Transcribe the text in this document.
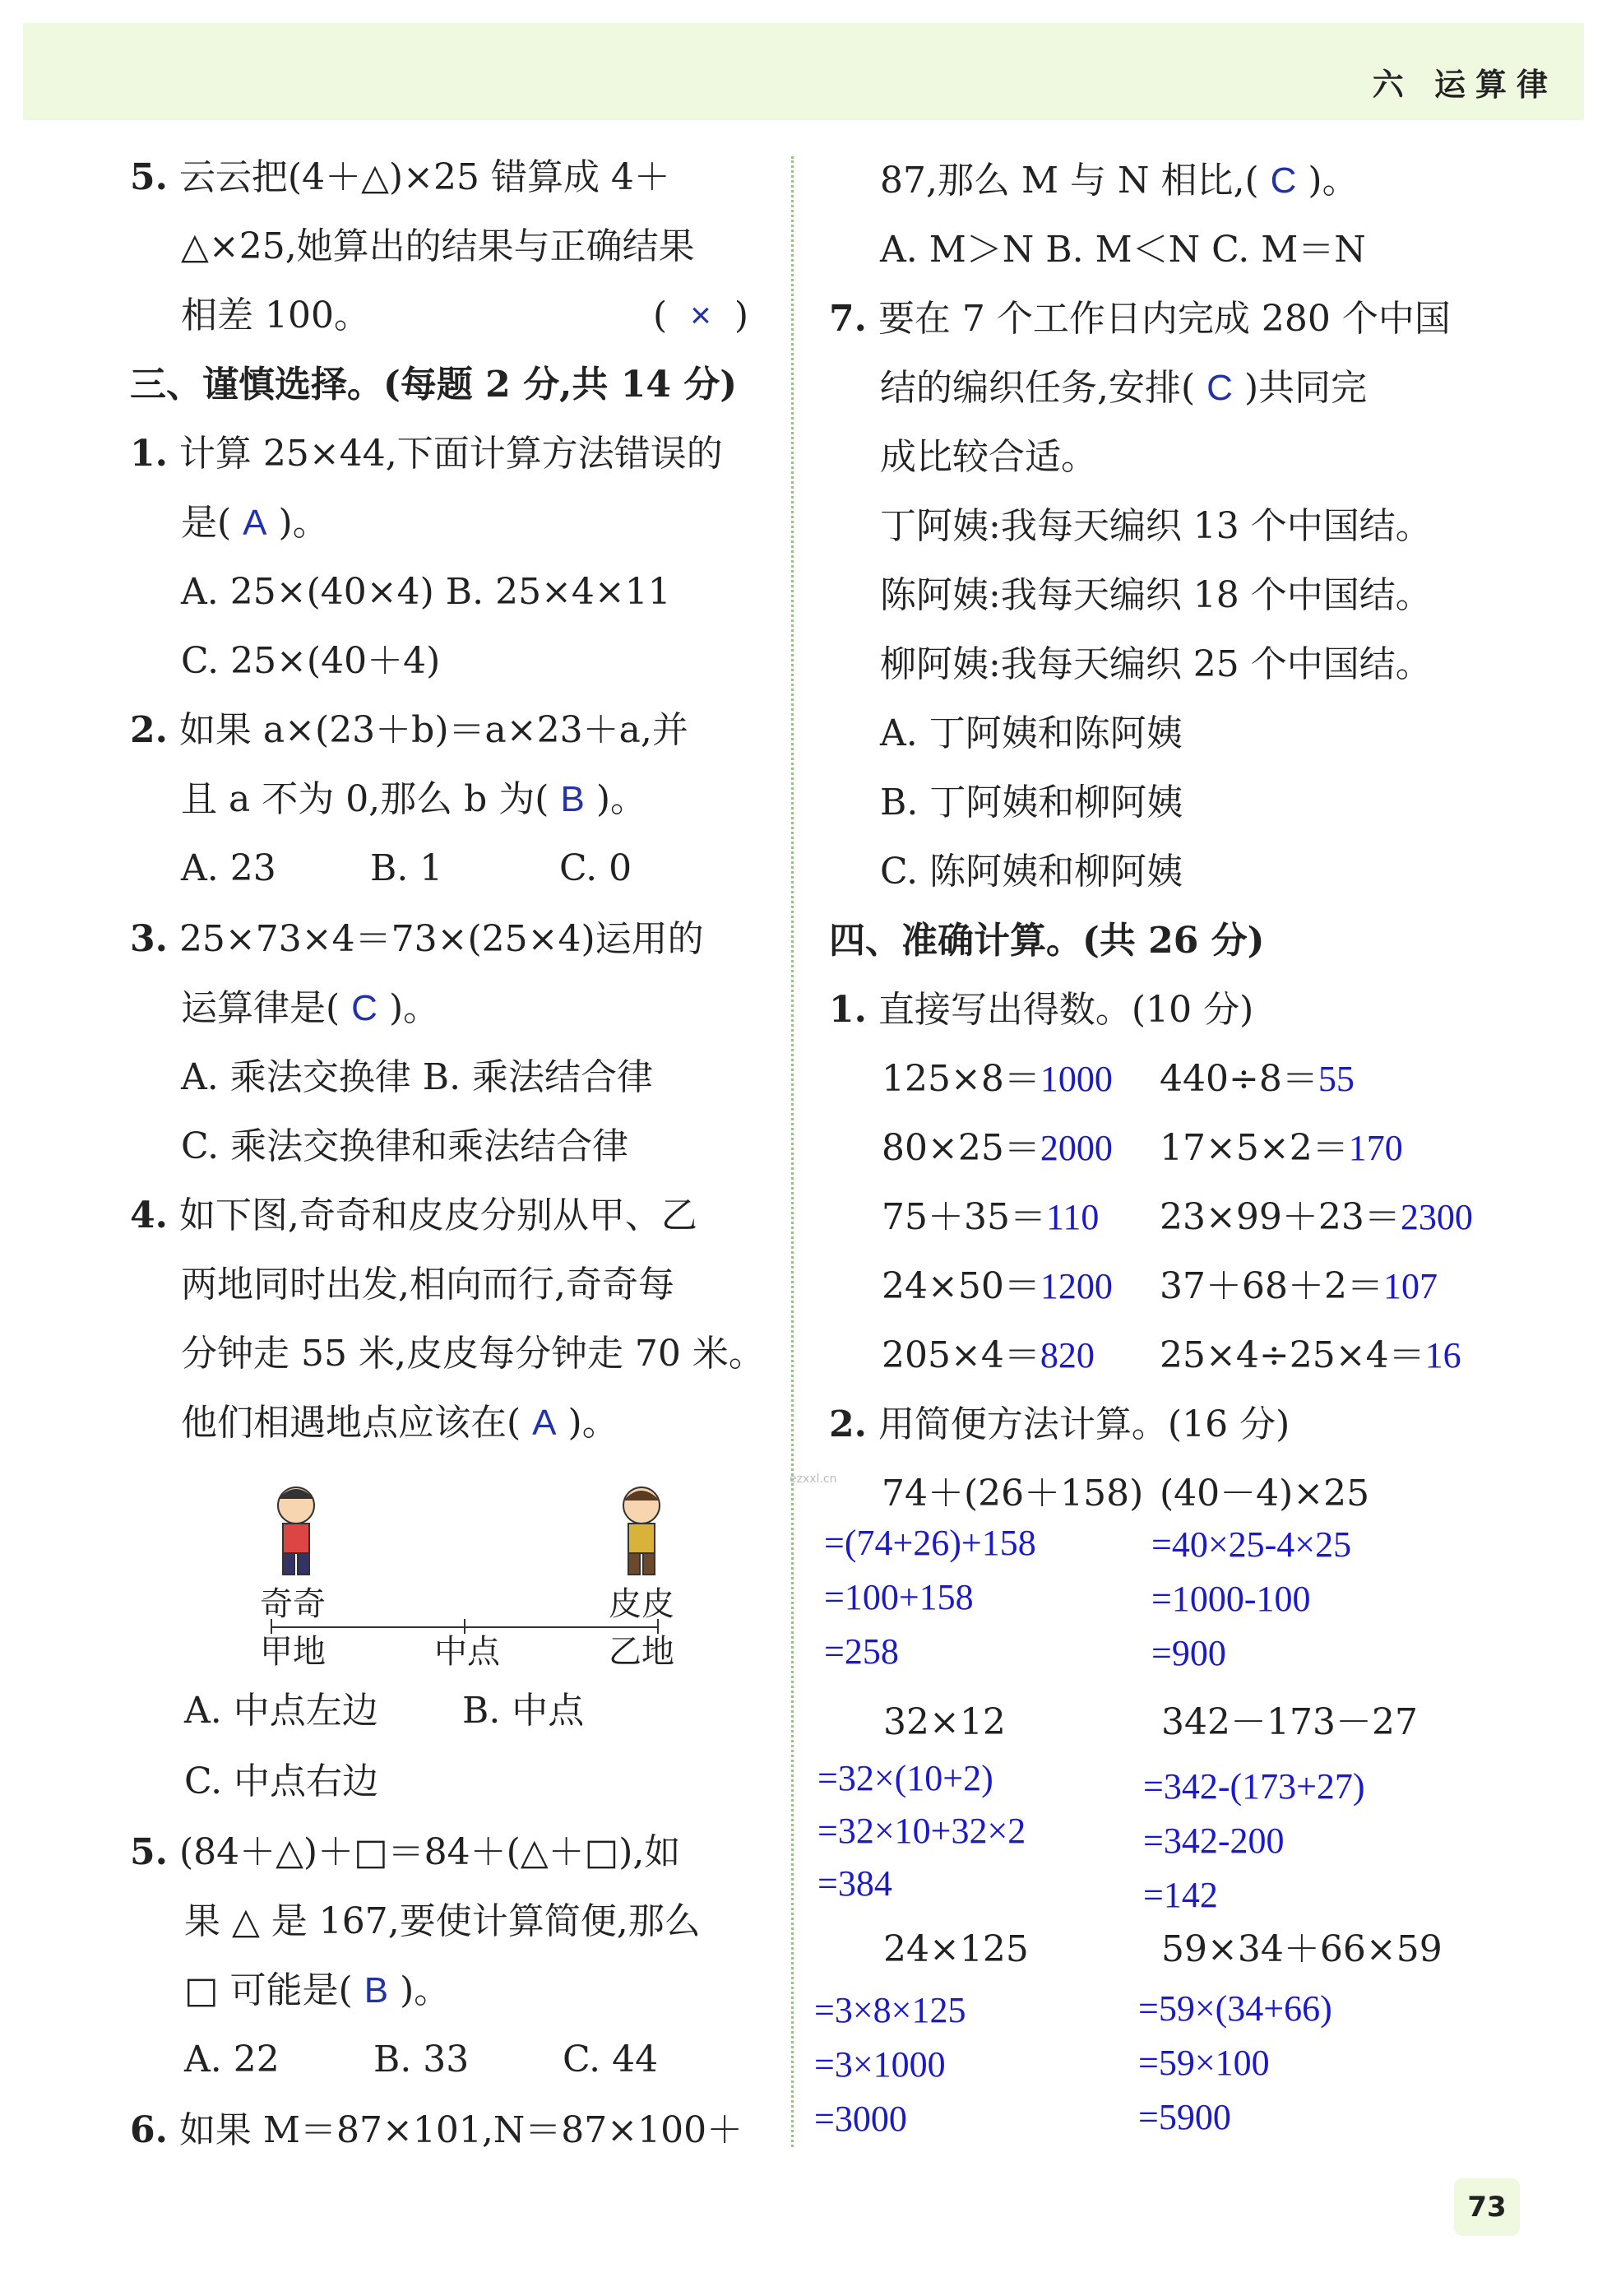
六 运算律
5. 云云把(4＋△)×25 错算成 4＋
△×25,她算出的结果与正确结果
相差 100。	( × )
三、谨慎选择。(每题 2 分,共 14 分)
1. 计算 25×44,下面计算方法错误的
是( A )。
A. 25×(40×4) B. 25×4×11
C. 25×(40＋4)
2. 如果 a×(23＋b)＝a×23＋a,并
且 a 不为 0,那么 b 为( B )。
A. 23	B. 1	C. 0
3. 25×73×4＝73×(25×4)运用的
运算律是( C )。
A. 乘法交换律 B. 乘法结合律
C. 乘法交换律和乘法结合律
4. 如下图,奇奇和皮皮分别从甲、乙
两地同时出发,相向而行,奇奇每
分钟走 55 米,皮皮每分钟走 70 米。
他们相遇地点应该在( A )。
奇奇	皮皮
甲地	中点	乙地
A. 中点左边 B. 中点
C. 中点右边
5. (84＋△)＋□＝84＋(△＋□),如
果 △ 是 167,要使计算简便,那么
□ 可能是( B )。
A. 22	B. 33	C. 44
6. 如果 M＝87×101,N＝87×100＋
87,那么 M 与 N 相比,( C )。
A. M＞N B. M＜N C. M＝N
7. 要在 7 个工作日内完成 280 个中国
结的编织任务,安排( C )共同完
成比较合适。
丁阿姨:我每天编织 13 个中国结。
陈阿姨:我每天编织 18 个中国结。
柳阿姨:我每天编织 25 个中国结。
A. 丁阿姨和陈阿姨
B. 丁阿姨和柳阿姨
C. 陈阿姨和柳阿姨
四、准确计算。(共 26 分)
1. 直接写出得数。(10 分)
125×8＝1000 440÷8＝55
80×25＝2000 17×5×2＝170
75＋35＝110 23×99＋23＝2300
24×50＝1200 37＋68＋2＝107
205×4＝820 25×4÷25×4＝16
2. 用简便方法计算。(16 分)
ezxxl.cn 74＋(26＋158) (40－4)×25
=(74+26)+158
=100+158
=258
=40×25-4×25
=1000-100
=900
32×12	342－173－27
=32×(10+2)
=32×10+32×2
=384
=342-(173+27)
=342-200
=142
24×125	59×34＋66×59
=3×8×125
=3×1000
=3000
=59×(34+66)
=59×100
=5900
73
